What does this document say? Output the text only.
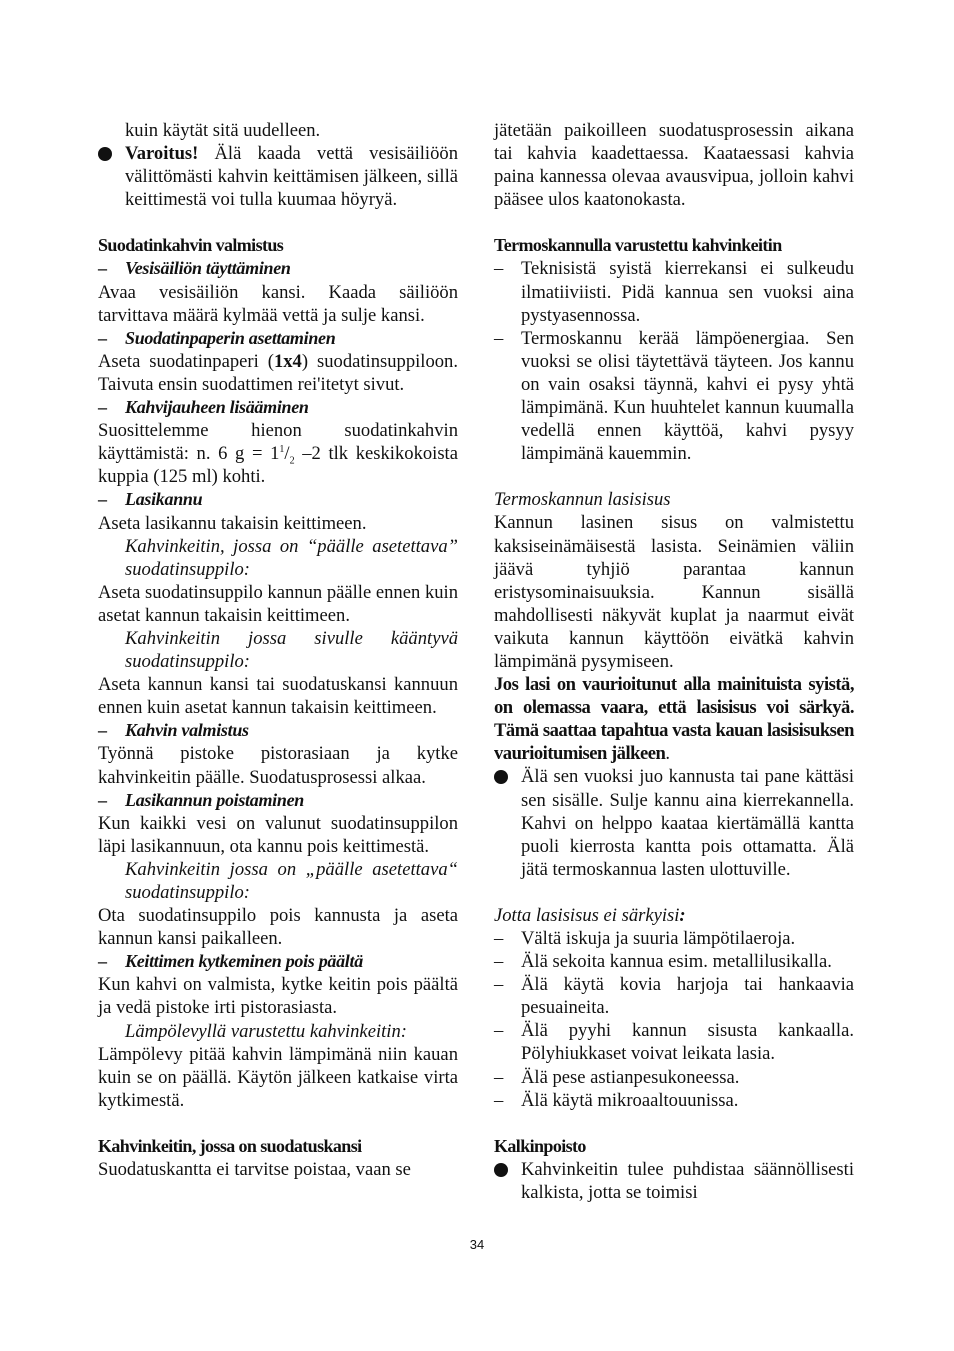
kuin käytät sitä uudelleen.

Varoitus! Älä kaada vettä vesisäiliöön välittömästi kahvin keittämisen jälkeen, sillä keittimestä voi tulla kuumaa höyryä.

Suodatinkahvin valmistus

– Vesisäiliön täyttäminen

Avaa vesisäiliön kansi. Kaada säiliöön tarvittava määrä kylmää vettä ja sulje kansi.

– Suodatinpaperin asettaminen

Aseta suodatinpaperi (1x4) suodatinsuppiloon. Taivuta ensin suodattimen rei'itetyt sivut.

– Kahvijauheen lisääminen

Suosittelemme hienon suodatinkahvin käyttämistä: n. 6 $g = 1^1/_2$ –2 tlk keskikokoista kuppia (125 ml) kohti.

– Lasikannu

Aseta lasikannu takaisin keittimeen.

Kahvinkeitin, jossa on “päälle asetettava” suodatinsuppilo:

Aseta suodatinsuppilo kannun päälle ennen kuin asetat kannun takaisin keittimeen.

Kahvinkeitin jossa sivulle kääntyvä suodatinsuppilo:

Aseta kannun kansi tai suodatuskansi kannuun ennen kuin asetat kannun takaisin keittimeen.

– Kahvin valmistus

Työnnä pistoke pistorasiaan ja kytke kahvinkeitin päälle. Suodatusprosessi alkaa.

– Lasikannun poistaminen

Kun kaikki vesi on valunut suodatinsuppilon läpi lasikannuun, ota kannu pois keittimestä.

Kahvinkeitin jossa on „päälle asetettava“ suodatinsuppilo:

Ota suodatinsuppilo pois kannusta ja aseta kannun kansi paikalleen.

– Keittimen kytkeminen pois päältä

Kun kahvi on valmista, kytke keitin pois päältä ja vedä pistoke irti pistorasiasta.

Lämpölevyllä varustettu kahvinkeitin:

Lämpölevy pitää kahvin lämpimänä niin kauan kuin se on päällä. Käytön jälkeen katkaise virta kytkimestä.

Kahvinkeitin, jossa on suodatuskansi

Suodatuskantta ei tarvitse poistaa, vaan se

jätetään paikoilleen suodatusprosessin aikana tai kahvia kaadettaessa. Kaataessasi kahvia paina kannessa olevaa avausvipua, jolloin kahvi pääsee ulos kaatonokasta.

Termoskannulla varustettu kahvinkeitin

– Teknisistä syistä kierrekansi ei sulkeudu ilmatiiviisti. Pidä kannua sen vuoksi aina pystyasennossa.

– Termoskannu kerää lämpöenergiaa. Sen vuoksi se olisi täytettävä täyteen. Jos kannu on vain osaksi täynnä, kahvi ei pysy yhtä lämpimänä. Kun huuhtelet kannun kuumalla vedellä ennen käyttöä, kahvi pysyy lämpimänä kauemmin.

Termoskannun lasisisus

Kannun lasinen sisus on valmistettu kaksiseinämäisestä lasista. Seinämien väliin jäävä tyhjiö parantaa kannun eristysominaisuuksia. Kannun sisällä mahdollisesti näkyvät kuplat ja naarmut eivät vaikuta kannun käyttöön eivätkä kahvin lämpimänä pysymiseen.

Jos lasi on vaurioitunut alla mainituista syistä, on olemassa vaara, että lasisisus voi särkyä. Tämä saattaa tapahtua vasta kauan lasisisuksen vaurioitumisen jälkeen.

Älä sen vuoksi juo kannusta tai pane kättäsi sen sisälle. Sulje kannu aina kierrekannella. Kahvi on helppo kaataa kiertämällä kantta puoli kierrosta kantta pois ottamatta. Älä jätä termoskannua lasten ulottuville.

Jotta lasisisus ei särkyisi:

– Vältä iskuja ja suuria lämpötilaeroja.

– Älä sekoita kannua esim. metallilusikalla.

– Älä käytä kovia harjoja tai hankaavia pesuaineita.

– Älä pyyhi kannun sisusta kankaalla. Pölyhiukkaset voivat leikata lasia.

– Älä pese astianpesukoneessa.

– Älä käytä mikroaaltouunissa.

Kalkinpoisto

Kahvinkeitin tulee puhdistaa säännöllisesti kalkista, jotta se toimisi

34
